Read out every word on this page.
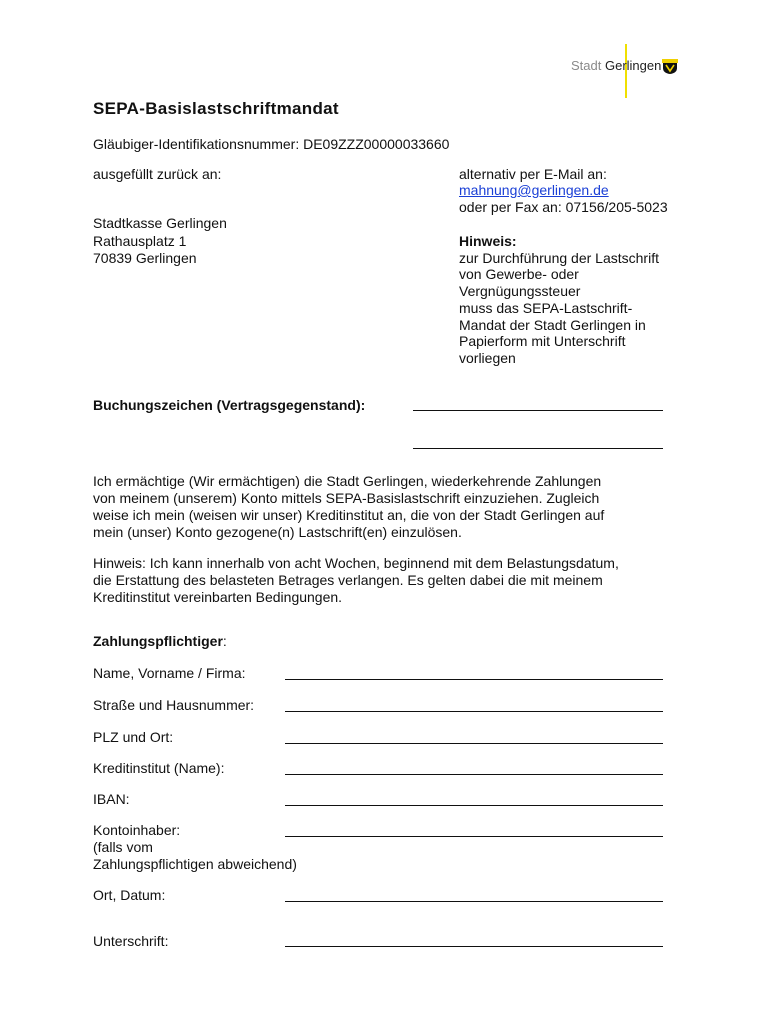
Stadt Gerlingen
SEPA-Basislastschriftmandat
Gläubiger-Identifikationsnummer: DE09ZZZ00000033660
ausgefüllt zurück an:
Stadtkasse Gerlingen
Rathausplatz 1
70839 Gerlingen
alternativ per E-Mail an:
mahnung@gerlingen.de
oder per Fax an: 07156/205-5023
Hinweis:
zur Durchführung der Lastschrift
von Gewerbe- oder
Vergnügungssteuer
muss das SEPA-Lastschrift-
Mandat der Stadt Gerlingen in
Papierform mit Unterschrift
vorliegen
Buchungszeichen (Vertragsgegenstand):
Ich ermächtige (Wir ermächtigen) die Stadt Gerlingen, wiederkehrende Zahlungen
von meinem (unserem) Konto mittels SEPA-Basislastschrift einzuziehen. Zugleich
weise ich mein (weisen wir unser) Kreditinstitut an, die von der Stadt Gerlingen auf
mein (unser) Konto gezogene(n) Lastschrift(en) einzulösen.
Hinweis: Ich kann innerhalb von acht Wochen, beginnend mit dem Belastungsdatum,
die Erstattung des belasteten Betrages verlangen. Es gelten dabei die mit meinem
Kreditinstitut vereinbarten Bedingungen.
Zahlungspflichtiger:
Name, Vorname / Firma:
Straße und Hausnummer:
PLZ und Ort:
Kreditinstitut (Name):
IBAN:
Kontoinhaber:
(falls vom
Zahlungspflichtigen abweichend)
Ort, Datum:
Unterschrift:
